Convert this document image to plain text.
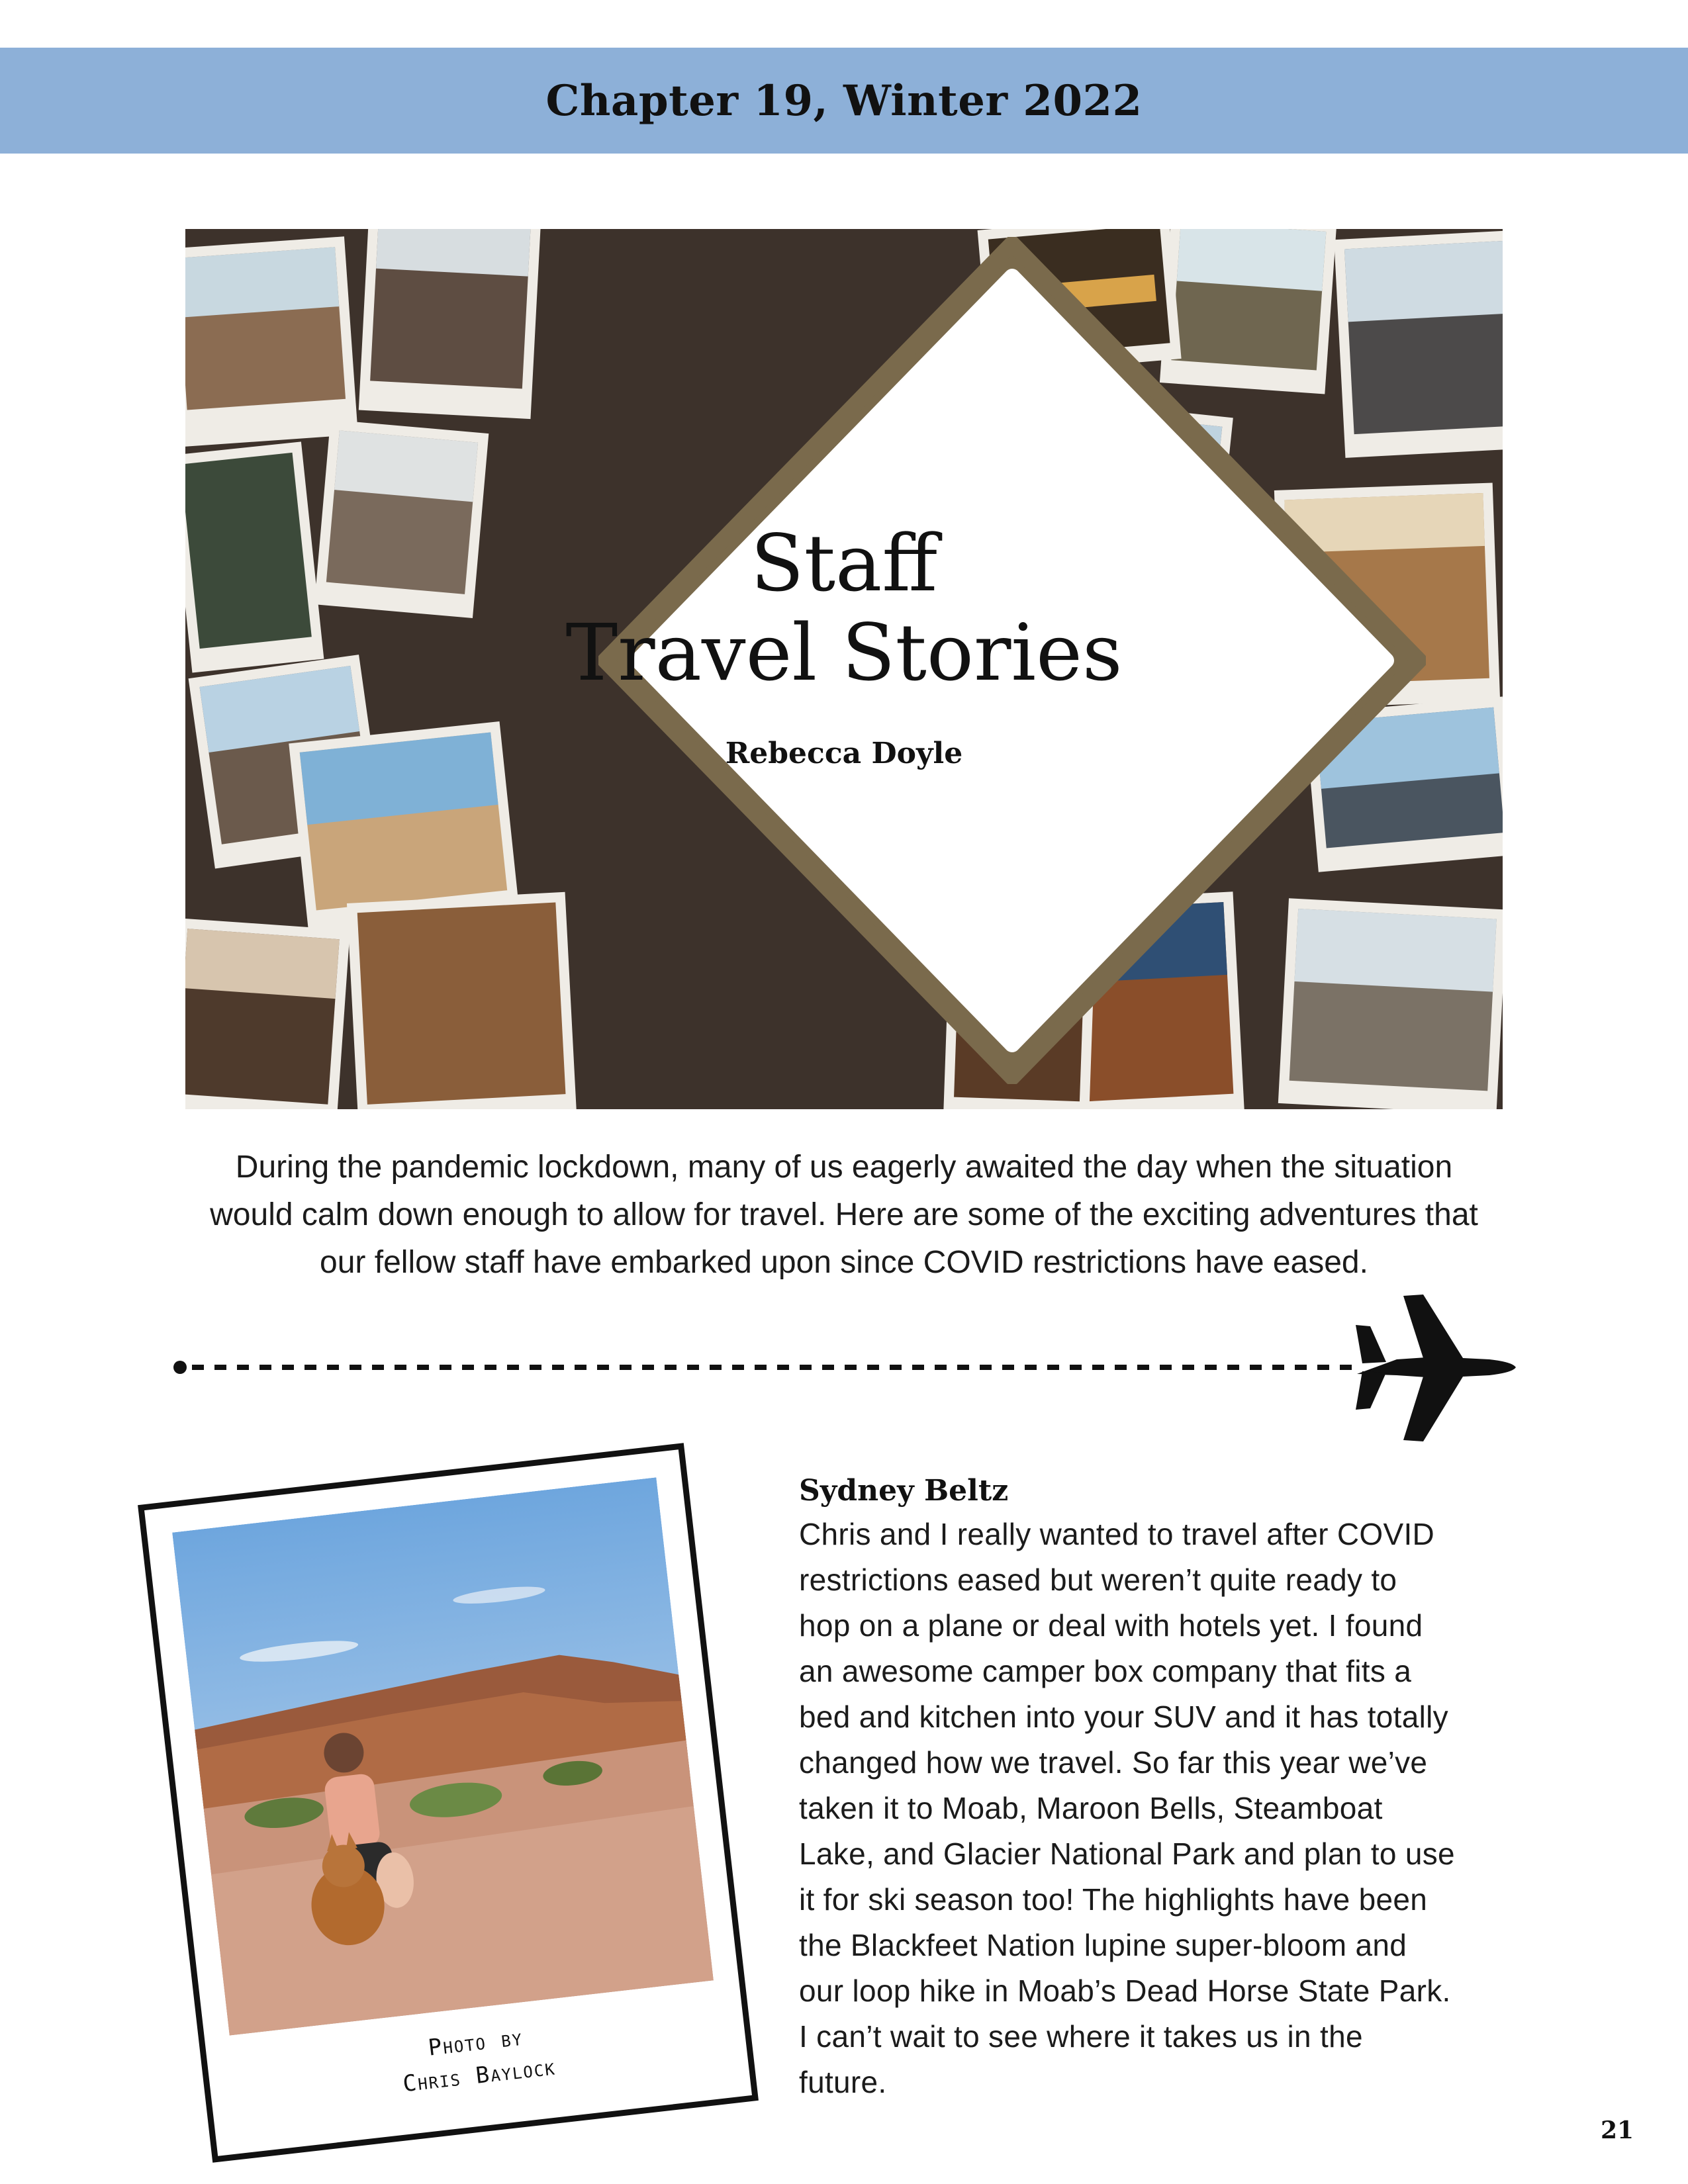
Chapter 19, Winter 2022
Staff
Travel Stories
Rebecca Doyle
During the pandemic lockdown, many of us eagerly awaited the day when the situation
would calm down enough to allow for travel. Here are some of the exciting adventures that
our fellow staff have embarked upon since COVID restrictions have eased.
Photo by
Chris Baylock
Sydney Beltz
Chris and I really wanted to travel after COVID
restrictions eased but weren’t quite ready to
hop on a plane or deal with hotels yet. I found
an awesome camper box company that fits a
bed and kitchen into your SUV and it has totally
changed how we travel. So far this year we’ve
taken it to Moab, Maroon Bells, Steamboat
Lake, and Glacier National Park and plan to use
it for ski season too! The highlights have been
the Blackfeet Nation lupine super-bloom and
our loop hike in Moab’s Dead Horse State Park.
I can’t wait to see where it takes us in the
future.
21
